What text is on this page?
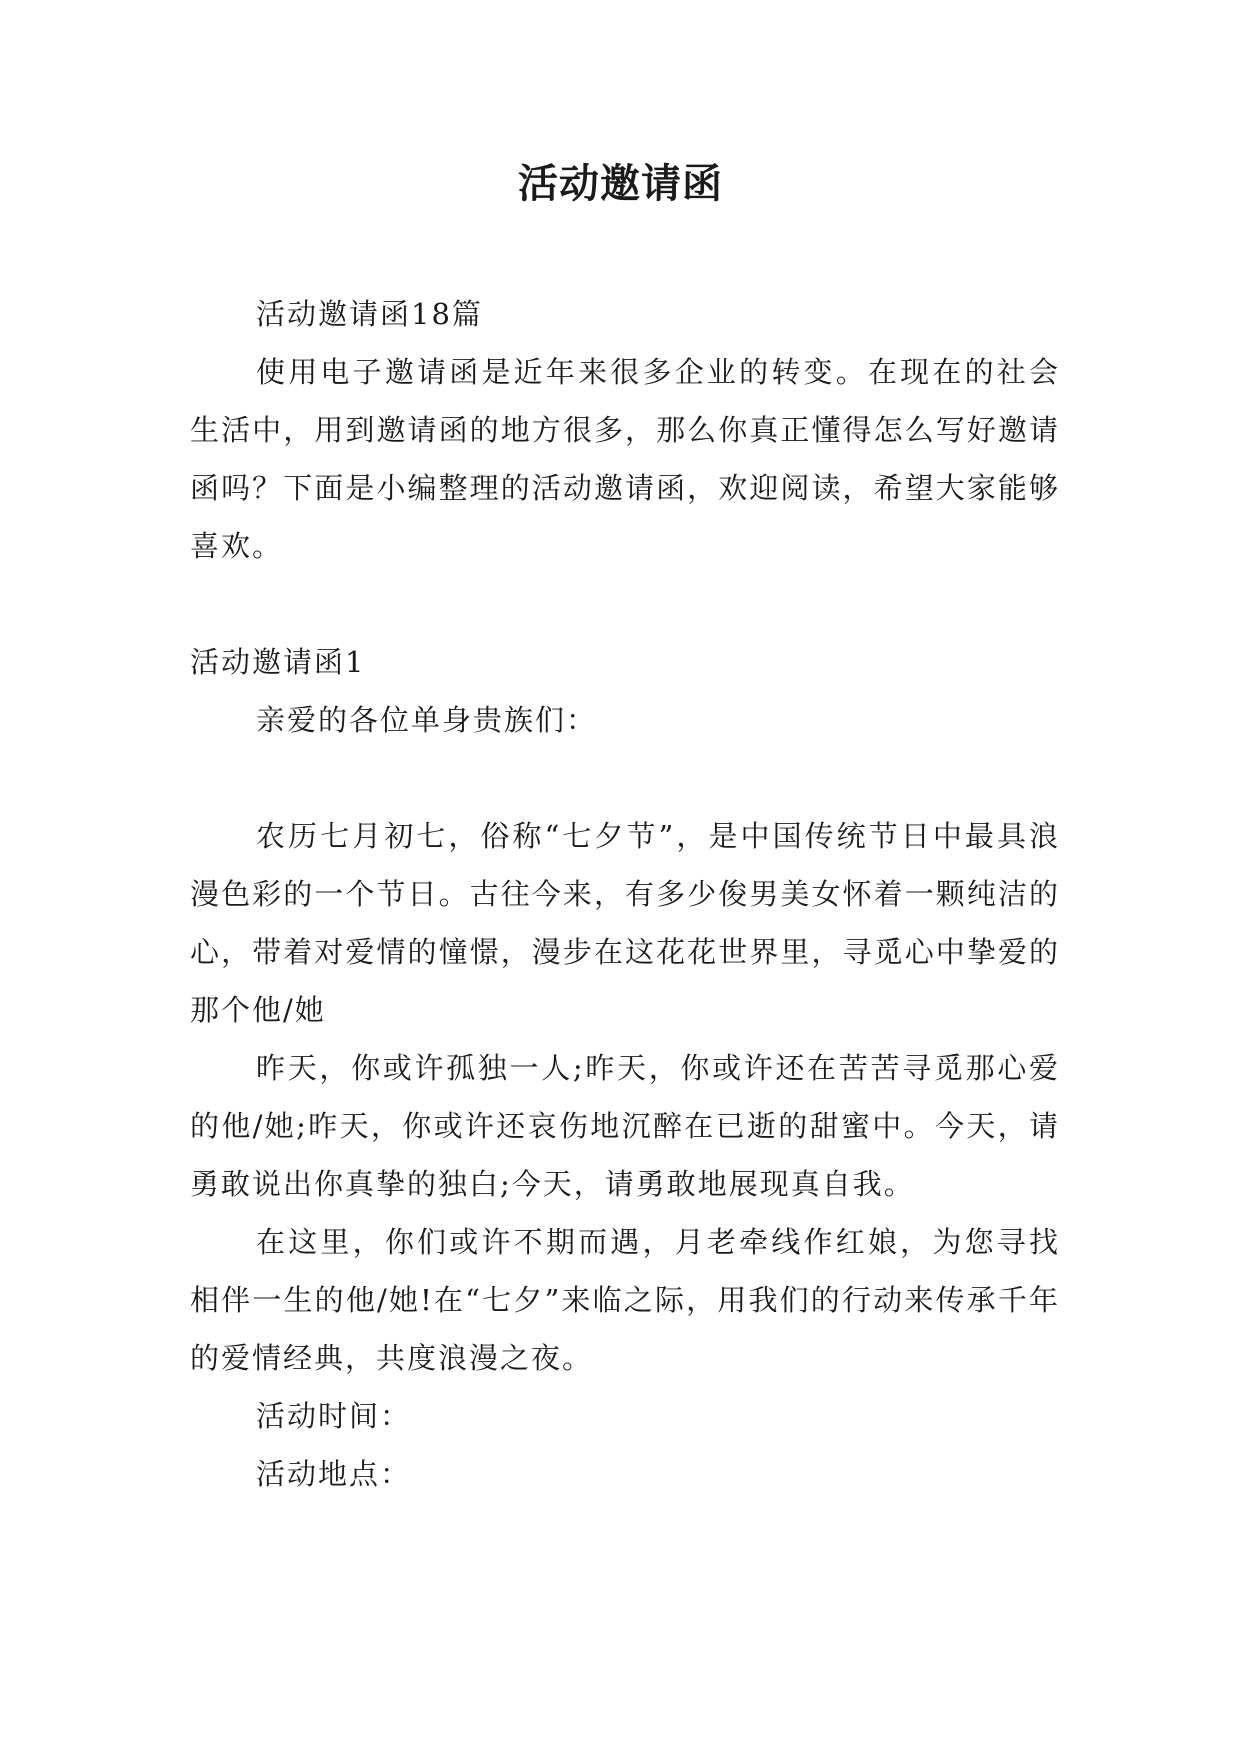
活动邀请函

活动邀请函18篇

使用电子邀请函是近年来很多企业的转变。在现在的社会生活中，用到邀请函的地方很多，那么你真正懂得怎么写好邀请函吗？下面是小编整理的活动邀请函，欢迎阅读，希望大家能够喜欢。

活动邀请函1

亲爱的各位单身贵族们：

农历七月初七，俗称“七夕节”，是中国传统节日中最具浪漫色彩的一个节日。古往今来，有多少俊男美女怀着一颗纯洁的心，带着对爱情的憧憬，漫步在这花花世界里，寻觅心中挚爱的那个他/她

昨天，你或许孤独一人;昨天，你或许还在苦苦寻觅那心爱的他/她;昨天，你或许还哀伤地沉醉在已逝的甜蜜中。今天，请勇敢说出你真挚的独白;今天，请勇敢地展现真自我。

在这里，你们或许不期而遇，月老牵线作红娘，为您寻找相伴一生的他/她!在“七夕”来临之际，用我们的行动来传承千年的爱情经典，共度浪漫之夜。

活动时间：

活动地点：
